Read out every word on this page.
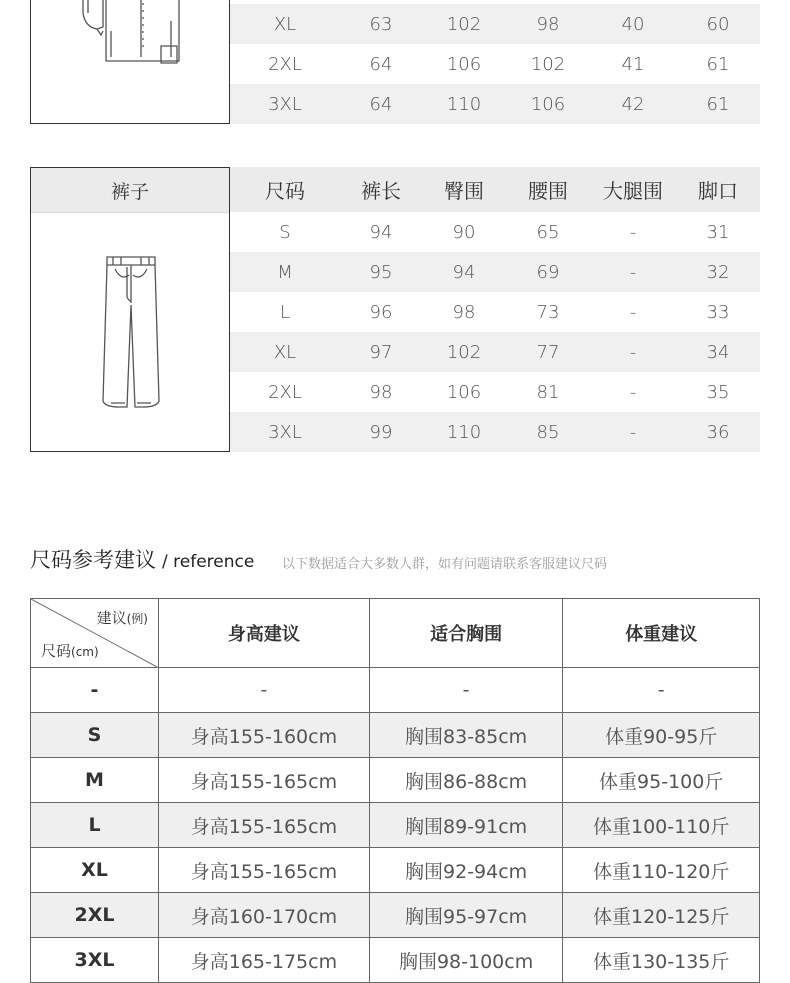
XL	63	102	98	40	60
2XL	64	106	102	41	61
3XL	64	110	106	42	61
裤子	尺码	裤长	臀围	腰围	大腿围	脚口
S	94	90	65	-	31
M	95	94	69	-	32
L	96	98	73	-	33
XL	97	102	77	-	34
2XL	98	106	81	-	35
3XL	99	110	85	-	36
尺码参考建议 / reference 以下数据适合大多数人群，如有问题请联系客服建议尺码
建议(例)
尺码(cm)	身高建议	适合胸围	体重建议
-	-	-	-
S	身高155-160cm	胸围83-85cm	体重90-95斤
M	身高155-165cm	胸围86-88cm	体重95-100斤
L	身高155-165cm	胸围89-91cm	体重100-110斤
XL	身高155-165cm	胸围92-94cm	体重110-120斤
2XL	身高160-170cm	胸围95-97cm	体重120-125斤
3XL	身高165-175cm	胸围98-100cm	体重130-135斤
